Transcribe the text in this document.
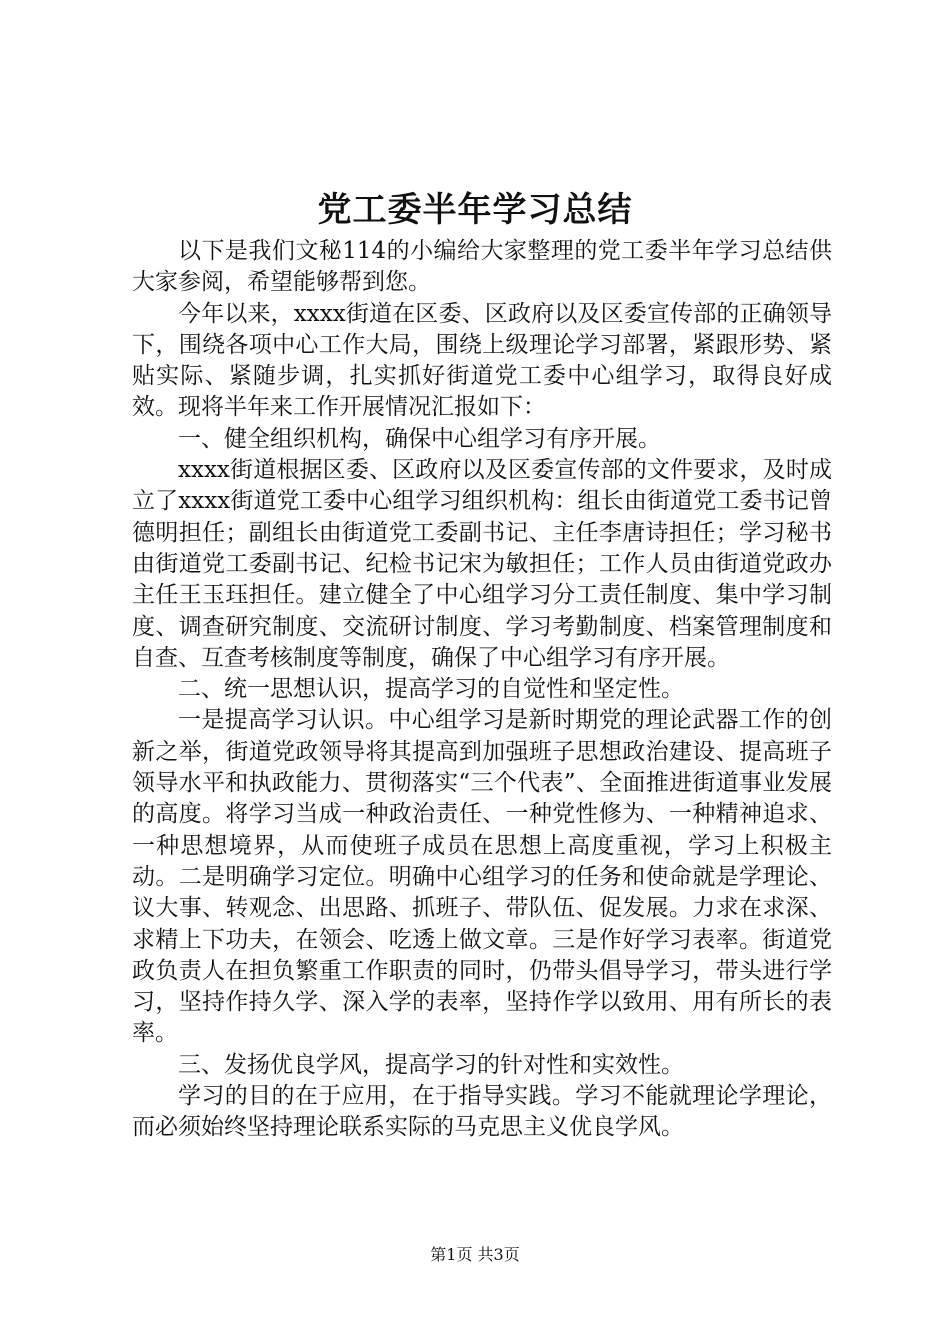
党工委半年学习总结

以下是我们文秘114的小编给大家整理的党工委半年学习总结供大家参阅，希望能够帮到您。

今年以来，xxxx街道在区委、区政府以及区委宣传部的正确领导下，围绕各项中心工作大局，围绕上级理论学习部署，紧跟形势、紧贴实际、紧随步调，扎实抓好街道党工委中心组学习，取得良好成效。现将半年来工作开展情况汇报如下：

一、健全组织机构，确保中心组学习有序开展。

xxxx街道根据区委、区政府以及区委宣传部的文件要求，及时成立了xxxx街道党工委中心组学习组织机构：组长由街道党工委书记曾德明担任；副组长由街道党工委副书记、主任李唐诗担任；学习秘书由街道党工委副书记、纪检书记宋为敏担任；工作人员由街道党政办主任王玉珏担任。建立健全了中心组学习分工责任制度、集中学习制度、调查研究制度、交流研讨制度、学习考勤制度、档案管理制度和自查、互查考核制度等制度，确保了中心组学习有序开展。

二、统一思想认识，提高学习的自觉性和坚定性。

一是提高学习认识。中心组学习是新时期党的理论武器工作的创新之举，街道党政领导将其提高到加强班子思想政治建设、提高班子领导水平和执政能力、贯彻落实“三个代表”、全面推进街道事业发展的高度。将学习当成一种政治责任、一种党性修为、一种精神追求、一种思想境界，从而使班子成员在思想上高度重视，学习上积极主动。二是明确学习定位。明确中心组学习的任务和使命就是学理论、议大事、转观念、出思路、抓班子、带队伍、促发展。力求在求深、求精上下功夫，在领会、吃透上做文章。三是作好学习表率。街道党政负责人在担负繁重工作职责的同时，仍带头倡导学习，带头进行学习，坚持作持久学、深入学的表率，坚持作学以致用、用有所长的表率。

三、发扬优良学风，提高学习的针对性和实效性。

学习的目的在于应用，在于指导实践。学习不能就理论学理论，而必须始终坚持理论联系实际的马克思主义优良学风。

第1页 共3页
